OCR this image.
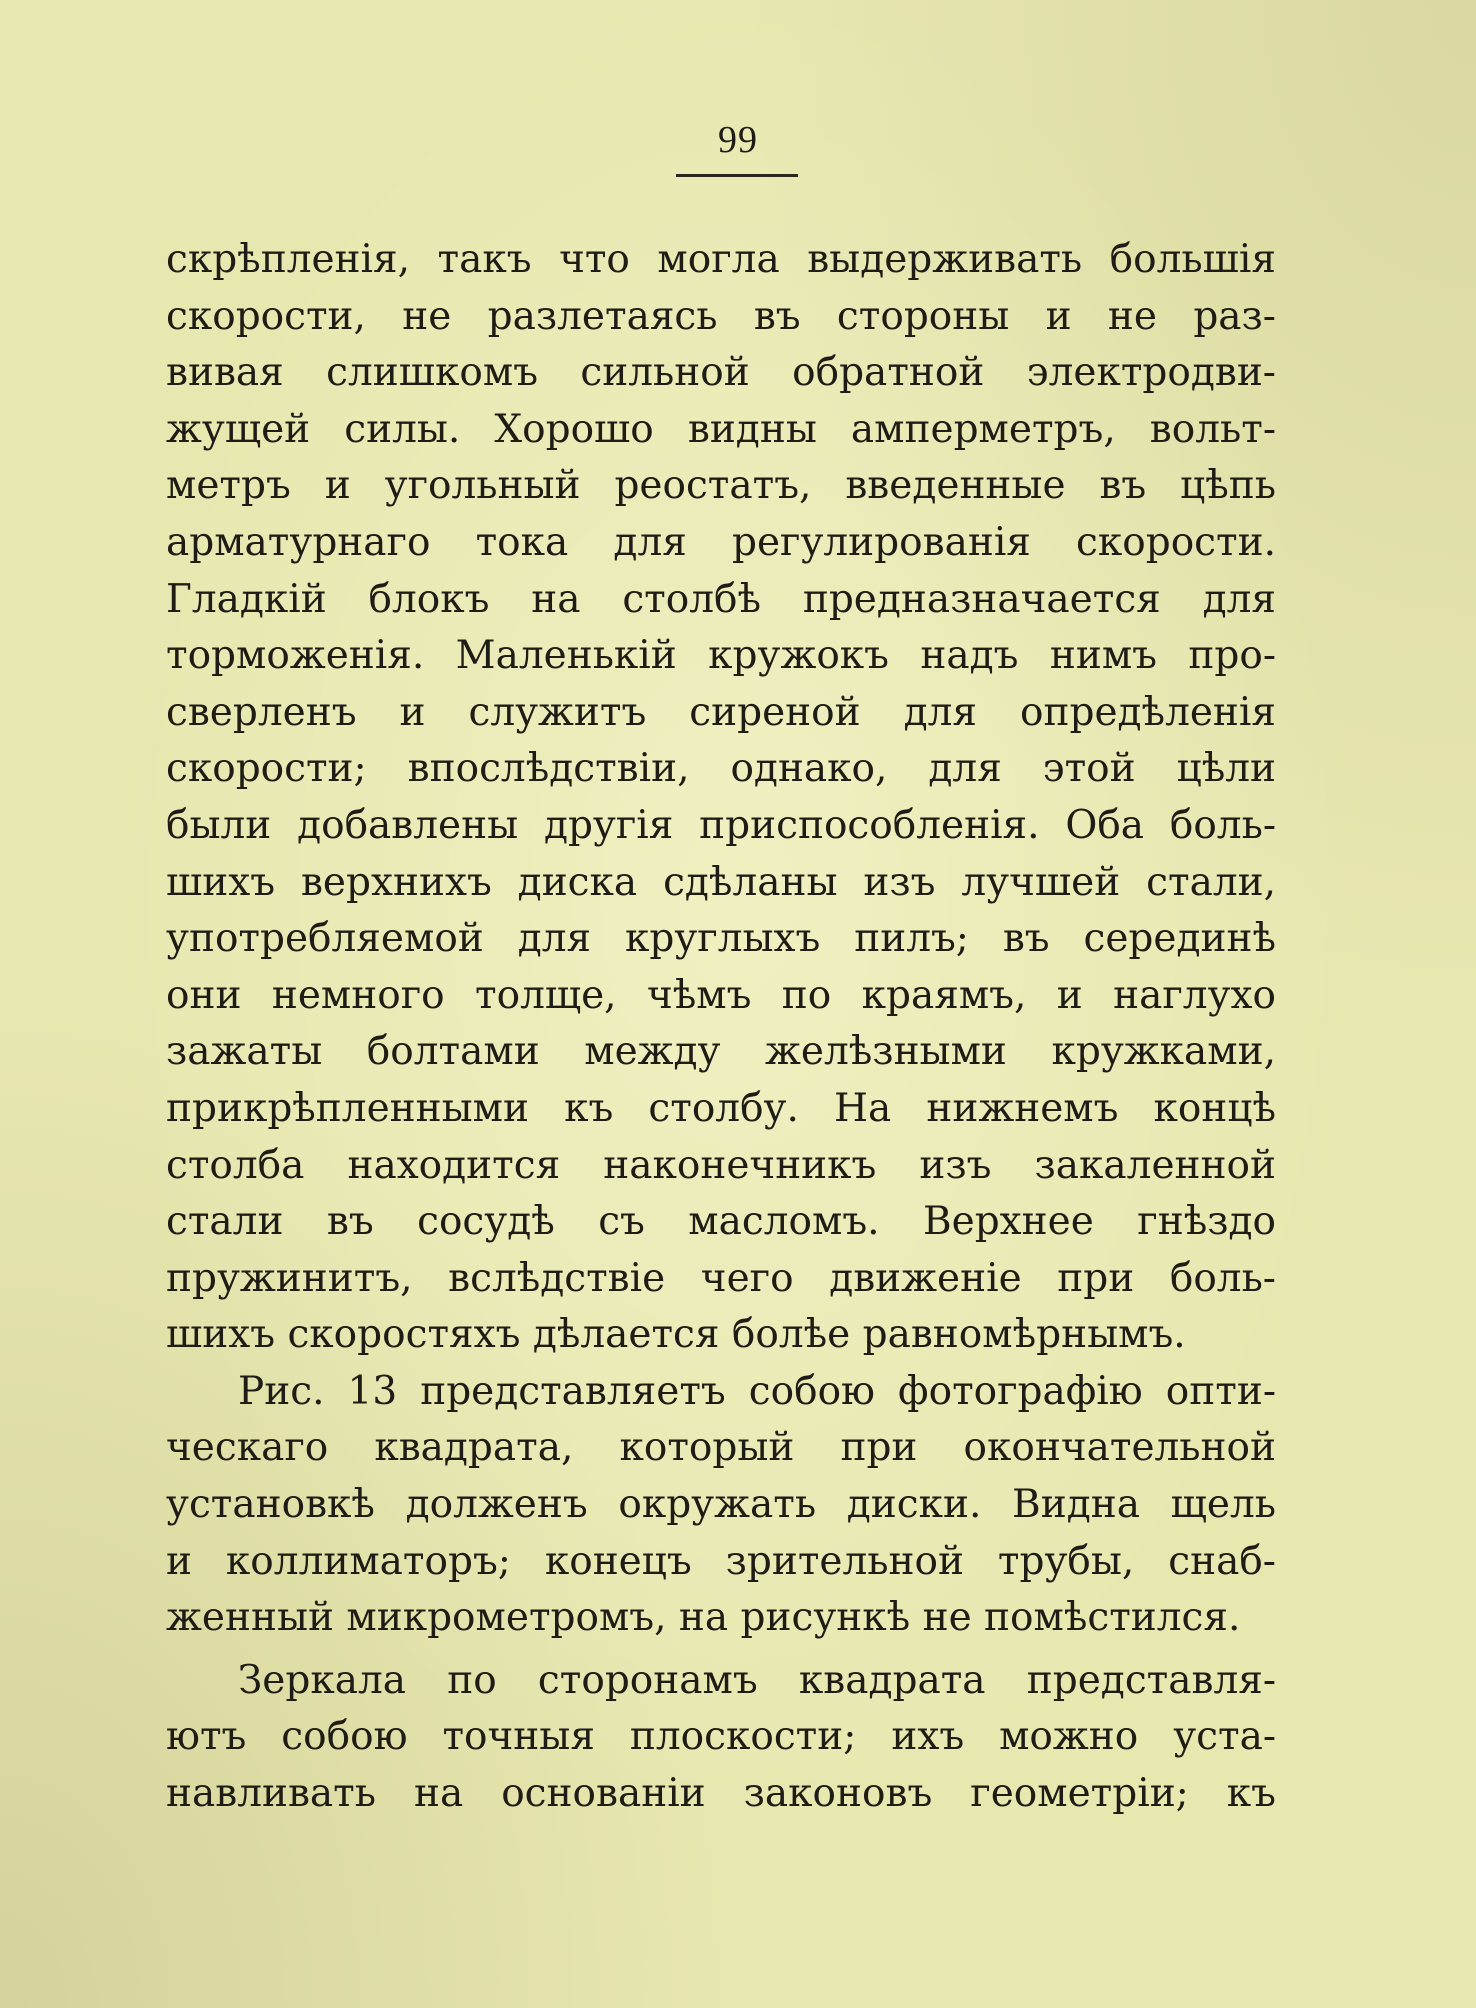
99
скрѣпленія, такъ что могла выдерживать большія
скорости, не разлетаясь въ стороны и не раз-
вивая слишкомъ сильной обратной электродви-
жущей силы. Хорошо видны амперметръ, вольт-
метръ и угольный реостатъ, введенные въ цѣпь
арматурнаго тока для регулированія скорости.
Гладкій блокъ на столбѣ предназначается для
торможенія. Маленькій кружокъ надъ нимъ про-
сверленъ и служитъ сиреной для опредѣленія
скорости; впослѣдствіи, однако, для этой цѣли
были добавлены другія приспособленія. Оба боль-
шихъ верхнихъ диска сдѣланы изъ лучшей стали,
употребляемой для круглыхъ пилъ; въ серединѣ
они немного толще, чѣмъ по краямъ, и наглухо
зажаты болтами между желѣзными кружками,
прикрѣпленными къ столбу. На нижнемъ концѣ
столба находится наконечникъ изъ закаленной
стали въ сосудѣ съ масломъ. Верхнее гнѣздо
пружинитъ, вслѣдствіе чего движеніе при боль-
шихъ скоростяхъ дѣлается болѣе равномѣрнымъ.
Рис. 13 представляетъ собою фотографію опти-
ческаго квадрата, который при окончательной
установкѣ долженъ окружать диски. Видна щель
и коллиматоръ; конецъ зрительной трубы, снаб-
женный микрометромъ, на рисункѣ не помѣстился.
Зеркала по сторонамъ квадрата представля-
ютъ собою точныя плоскости; ихъ можно уста-
навливать на основаніи законовъ геометріи; къ
